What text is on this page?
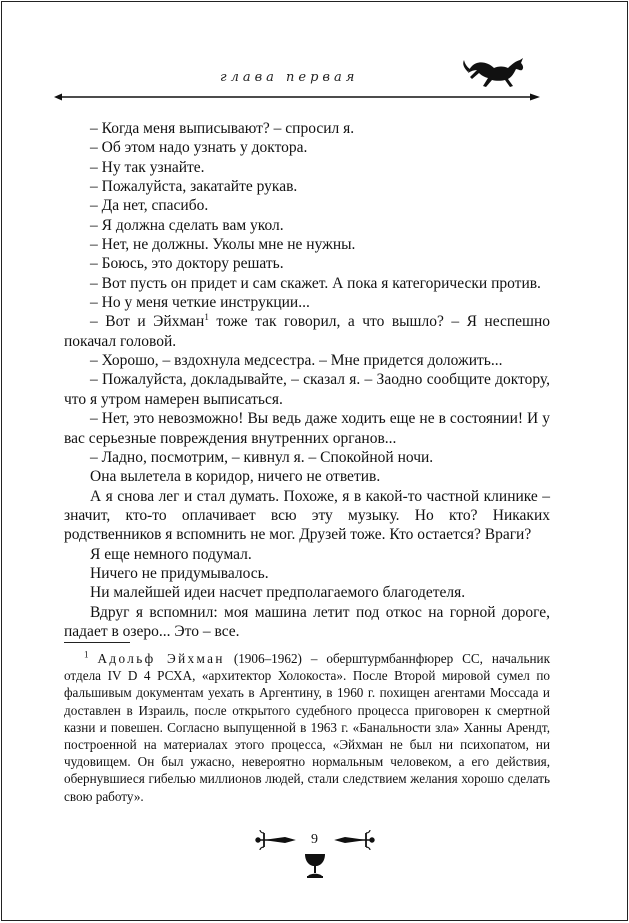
глава первая

– Когда меня выписывают? – спросил я.

– Об этом надо узнать у доктора.

– Ну так узнайте.

– Пожалуйста, закатайте рукав.

– Да нет, спасибо.

– Я должна сделать вам укол.

– Нет, не должны. Уколы мне не нужны.

– Боюсь, это доктору решать.

– Вот пусть он придет и сам скажет. А пока я категорически против.

– Но у меня четкие инструкции...

– Вот и Эйхман$^1$ тоже так говорил, а что вышло? – Я неспешно покачал головой.

– Хорошо, – вздохнула медсестра. – Мне придется доложить...

– Пожалуйста, докладывайте, – сказал я. – Заодно сообщите доктору, что я утром намерен выписаться.

– Нет, это невозможно! Вы ведь даже ходить еще не в состоянии! И у вас серьезные повреждения внутренних органов...

– Ладно, посмотрим, – кивнул я. – Спокойной ночи.

Она вылетела в коридор, ничего не ответив.

А я снова лег и стал думать. Похоже, я в какой-то частной клинике – значит, кто-то оплачивает всю эту музыку. Но кто? Никаких родственников я вспомнить не мог. Друзей тоже. Кто остается? Враги?

Я еще немного подумал.

Ничего не придумывалось.

Ни малейшей идеи насчет предполагаемого благодетеля.

Вдруг я вспомнил: моя машина летит под откос на горной дороге, падает в озеро... Это – все.

$^1$ Адольф Эйхман (1906–1962) – оберштурмбаннфюрер СС, начальник отдела IV D 4 РСХА, «архитектор Холокоста». После Второй мировой сумел по фальшивым документам уехать в Аргентину, в 1960 г. похищен агентами Моссада и доставлен в Израиль, после открытого судебного процесса приговорен к смертной казни и повешен. Согласно выпущенной в 1963 г. «Банальности зла» Ханны Арендт, построенной на материалах этого процесса, «Эйхман не был ни психопатом, ни чудовищем. Он был ужасно, невероятно нормальным человеком, а его действия, обернувшиеся гибелью миллионов людей, стали следствием желания хорошо сделать свою работу».
9
